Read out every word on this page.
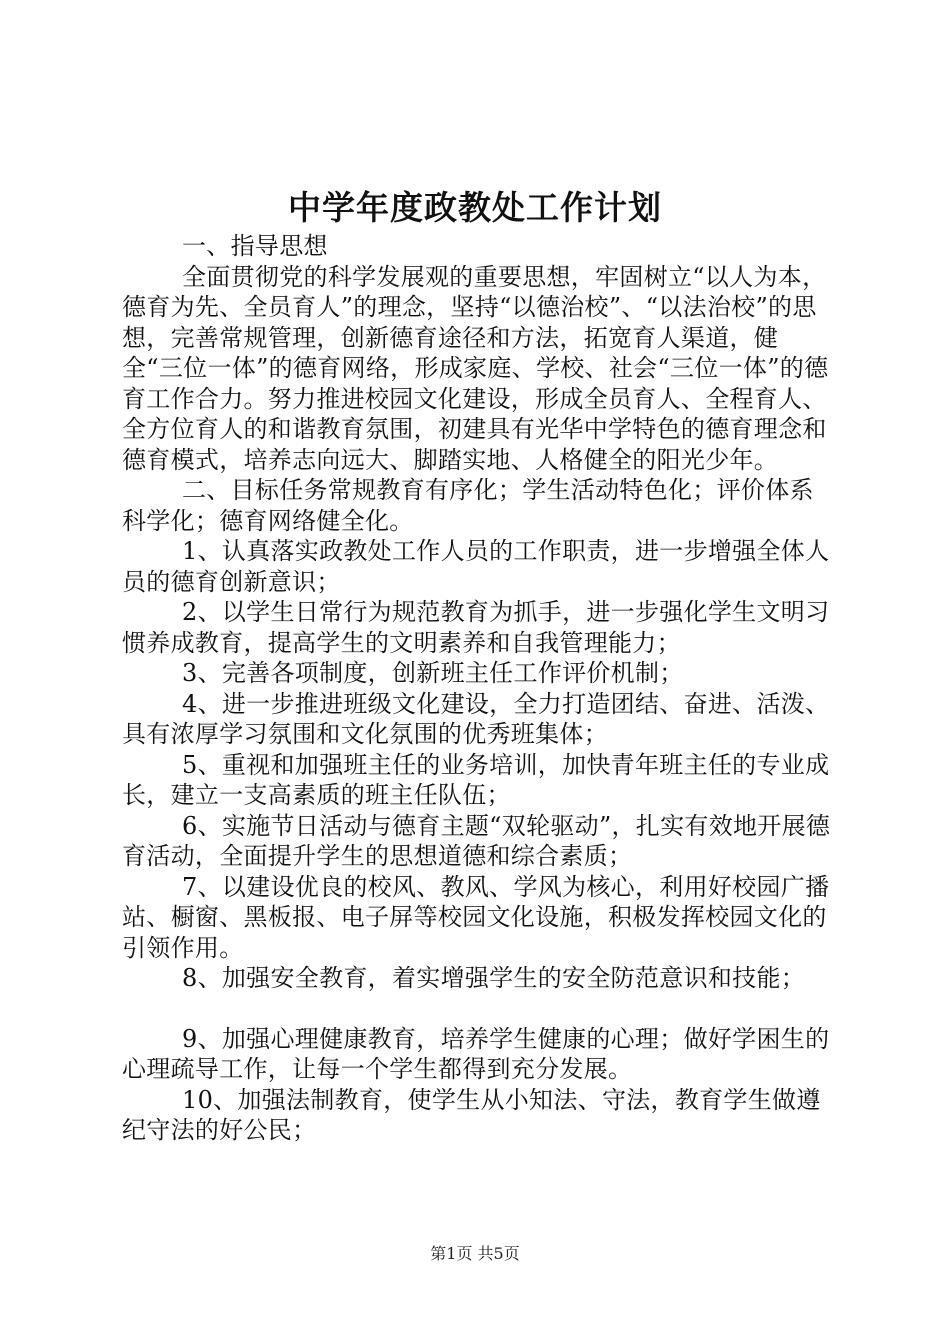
中学年度政教处工作计划

一、指导思想

全面贯彻党的科学发展观的重要思想，牢固树立“以人为本，德育为先、全员育人”的理念，坚持“以德治校”、“以法治校”的思想，完善常规管理，创新德育途径和方法，拓宽育人渠道，健全“三位一体”的德育网络，形成家庭、学校、社会“三位一体”的德育工作合力。努力推进校园文化建设，形成全员育人、全程育人、全方位育人的和谐教育氛围，初建具有光华中学特色的德育理念和德育模式，培养志向远大、脚踏实地、人格健全的阳光少年。

二、目标任务常规教育有序化；学生活动特色化；评价体系科学化；德育网络健全化。

1、认真落实政教处工作人员的工作职责，进一步增强全体人员的德育创新意识；

2、以学生日常行为规范教育为抓手，进一步强化学生文明习惯养成教育，提高学生的文明素养和自我管理能力；

3、完善各项制度，创新班主任工作评价机制；

4、进一步推进班级文化建设，全力打造团结、奋进、活泼、具有浓厚学习氛围和文化氛围的优秀班集体；

5、重视和加强班主任的业务培训，加快青年班主任的专业成长，建立一支高素质的班主任队伍；

6、实施节日活动与德育主题“双轮驱动”，扎实有效地开展德育活动，全面提升学生的思想道德和综合素质；

7、以建设优良的校风、教风、学风为核心，利用好校园广播站、橱窗、黑板报、电子屏等校园文化设施，积极发挥校园文化的引领作用。

8、加强安全教育，着实增强学生的安全防范意识和技能；

9、加强心理健康教育，培养学生健康的心理；做好学困生的心理疏导工作，让每一个学生都得到充分发展。

10、加强法制教育，使学生从小知法、守法，教育学生做遵纪守法的好公民；

第1页 共5页
